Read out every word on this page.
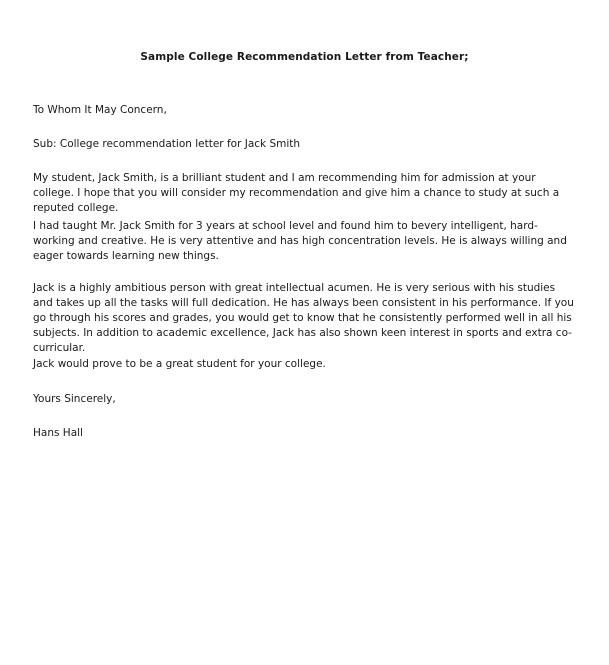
Sample College Recommendation Letter from Teacher;
To Whom It May Concern,
Sub: College recommendation letter for Jack Smith
My student, Jack Smith, is a brilliant student and I am recommending him for admission at your college. I hope that you will consider my recommendation and give him a chance to study at such a reputed college.
I had taught Mr. Jack Smith for 3 years at school level and found him to bevery intelligent, hard-working and creative. He is very attentive and has high concentration levels. He is always willing and eager towards learning new things.
Jack is a highly ambitious person with great intellectual acumen. He is very serious with his studies and takes up all the tasks will full dedication. He has always been consistent in his performance. If you go through his scores and grades, you would get to know that he consistently performed well in all his subjects. In addition to academic excellence, Jack has also shown keen interest in sports and extra co-curricular.
Jack would prove to be a great student for your college.
Yours Sincerely,
Hans Hall
